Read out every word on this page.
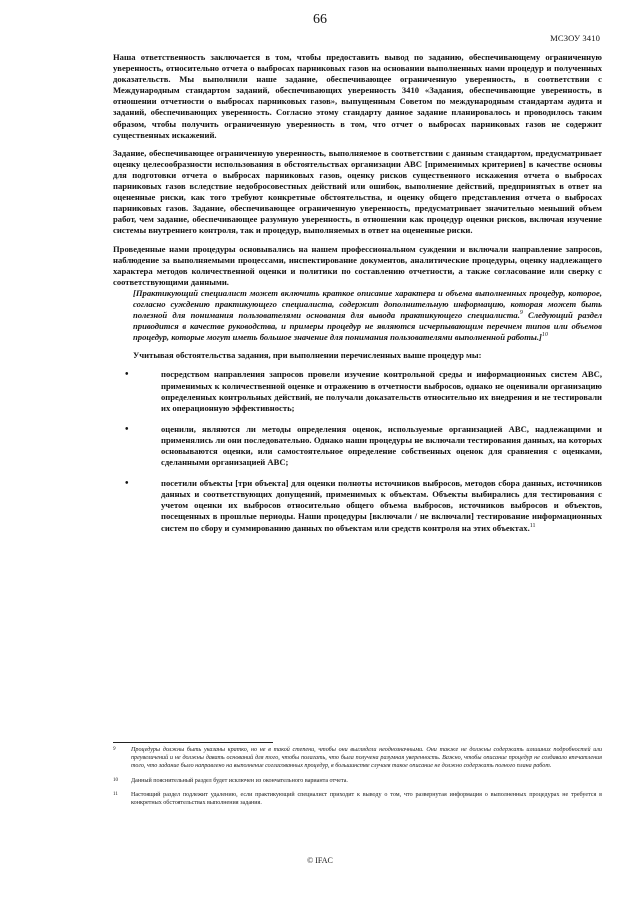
66
МСЗОУ 3410

Наша ответственность заключается в том, чтобы предоставить вывод по заданию, обеспечивающему ограниченную уверенность, относительно отчета о выбросах парниковых газов на основании выполненных нами процедур и полученных доказательств. Мы выполнили наше задание, обеспечивающее ограниченную уверенность, в соответствии с Международным стандартом заданий, обеспечивающих уверенность 3410 «Задания, обеспечивающие уверенность, в отношении отчетности о выбросах парниковых газов», выпущенным Советом по международным стандартам аудита и заданий, обеспечивающих уверенность. Согласно этому стандарту данное задание планировалось и проводилось таким образом, чтобы получить ограниченную уверенность в том, что отчет о выбросах парниковых газов не содержит существенных искажений.

Задание, обеспечивающее ограниченную уверенность, выполняемое в соответствии с данным стандартом, предусматривает оценку целесообразности использования в обстоятельствах организации АВС [применимых критериев] в качестве основы для подготовки отчета о выбросах парниковых газов, оценку рисков существенного искажения отчета о выбросах парниковых газов вследствие недобросовестных действий или ошибок, выполнение действий, предпринятых в ответ на оцененные риски, как того требуют конкретные обстоятельства, и оценку общего представления отчета о выбросах парниковых газов. Задание, обеспечивающее ограниченную уверенность, предусматривает значительно меньший объем работ, чем задание, обеспечивающее разумную уверенность, в отношении как процедур оценки рисков, включая изучение системы внутреннего контроля, так и процедур, выполняемых в ответ на оцененные риски.

Проведенные нами процедуры основывались на нашем профессиональном суждении и включали направление запросов, наблюдение за выполняемыми процессами, инспектирование документов, аналитические процедуры, оценку надлежащего характера методов количественной оценки и политики по составлению отчетности, а также согласование или сверку с соответствующими данными.

[Практикующий специалист может включить краткое описание характера и объема выполненных процедур, которое, согласно суждению практикующего специалиста, содержит дополнительную информацию, которая может быть полезной для понимания пользователями основания для вывода практикующего специалиста.$^9$ Следующий раздел приводится в качестве руководства, и примеры процедур не являются исчерпывающим перечнем типов или объемов процедур, которые могут иметь большое значение для понимания пользователями выполненной работы.]$^{10}$
Учитывая обстоятельства задания, при выполнении перечисленных выше процедур мы:
•	посредством направления запросов провели изучение контрольной среды и информационных систем АВС, применимых к количественной оценке и отражению в отчетности выбросов, однако не оценивали организацию определенных контрольных действий, не получали доказательств относительно их внедрения и не тестировали их операционную эффективность;
•	оценили, являются ли методы определения оценок, используемые организацией АВС, надлежащими и применялись ли они последовательно. Однако наши процедуры не включали тестирования данных, на которых основываются оценки, или самостоятельное определение собственных оценок для сравнения с оценками, сделанными организацией АВС;
•	посетили объекты [три объекта] для оценки полноты источников выбросов, методов сбора данных, источников данных и соответствующих допущений, применимых к объектам. Объекты выбирались для тестирования с учетом оценки их выбросов относительно общего объема выбросов, источников выбросов и объектов, посещенных в прошлые периоды. Наши процедуры [включали / не включали] тестирование информационных систем по сбору и суммированию данных по объектам или средств контроля на этих объектах.$^{11}$
9	Процедуры должны быть указаны кратко, но не в такой степени, чтобы они выглядели неоднозначными. Они также не должны содержать излишних подробностей или преувеличений и не должны давать оснований для того, чтобы полагать, что была получена разумная уверенность. Важно, чтобы описание процедур не создавало впечатления того, что задание было направлено на выполнение согласованных процедур, в большинстве случаев такое описание не должно содержать полного плана работ.
10 Данный пояснительный раздел будет исключен из окончательного варианта отчета.
11 Настоящий раздел подлежит удалению, если практикующий специалист приходит к выводу о том, что развернутая информация о выполненных процедурах не требуется в конкретных обстоятельствах выполнения задания.
© IFAC
